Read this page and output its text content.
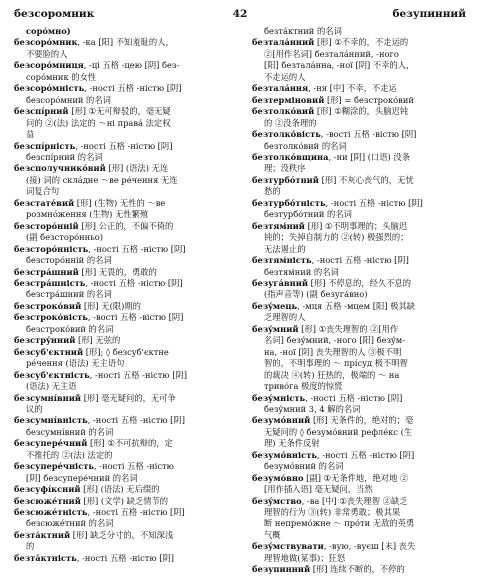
безсоромник	42	безупинний
сорóмно)
безсорóмник, -ка [阳] 不知羞耻的人，
不要脸的人
безсорóмниця, -ці 五格 -цею [阴] без-
сорóмник 的女性
безсорóмність, -ності 五格 -ністю [阴]
безсорóмний 的名词
безспíрний [形] ①无可辩驳的，毫无疑
问的 ②(法) 法定的 ～ні правá 法定权
益
безспíрність, -ності 五格 -ністю [阴]
безспíрний 的名词
безсполучникóвий [形] (语法) 无连
(接) 词的 склáдне ～ве рéчення 无连
词复合句
безстатéвий [形] (生物) 无性的 ～ве
розмнóження (生物) 无性繁殖
безсторóнній [形] 公正的，不偏不倚的
(副 безсторóнньо)
безсторóнність, -ності 五格 -ністю [阴]
безсторóнній 的名词
безстрáшний [形] 无畏的，勇敢的
безстрáшність, -ності 五格 -ністю [阴]
безстрáшний 的名词
безстрокóвий [形] 无(限)期的
безстрокóвість, -вості 五格 -вістю [阴]
безстрокóвий 的名词
безстрýнний [形] 无弦的
безсуб'єктний [形]; ◊ безсуб'єктне
рéчення (语法) 无主语句
безсуб'єктність, -ності 五格 -ністю [阴]
(语法) 无主语
безсумнíвний [形] 毫无疑问的，无可争
议的
безсумнíвність, -ності 五格 -ністю [阴]
безсумнíвний 的名词
безсуперéчний [形] ①不可抗辩的，定
不推托的 ②(法) 法定的
безсуперéчність, -ності 五格 -ністю
[阴] безсуперéчний 的名词
безсуфíксний [形] (语法) 无后缀的
безсюжéтний [形] (文学) 缺乏情节的
безсюжéтність, -ності 五格 -ністю [阴]
безсюжéтний 的名词
безтáктний [形] 缺乏分寸的，不知深浅
的
безтáктність, -ності 五格 -ністю [阴]
безтáктний 的名词
безталáнний [形] ①不幸的，不走运的
②[用作名词] безталáнний, -ного
[阳] безталáнна, -ної [阴] 不幸的人，
不走运的人
безталáння, -ня [中] 不幸，不走运
безтерміновий [形] = безстрокóвий
безтолкóвий [形] ①糊涂的，头脑迟钝
的 ②没条理的
безтолкóвість, -вості 五格 -вістю [阴]
безтолкóвий 的名词
безтолкóвщина, -ни [阴] (口语) 没条
理；没秩序
безтурбóтний [形] 不灰心丧气的，无忧
愁的
безтурбóтність, -ності 五格 -ністю [阴]
безтурбóтний 的名词
безтям́ний [形] ①不明事理的；头脑迟
钝的；失掉自制力的 ②(转) 极强烈的；
无法遏止的
безтям́ність, -ності 五格 -ністю [阴]
безтям́ний 的名词
безугáвний [形] 不停息的，经久不息的
(指声音等) (副 безугáвно)
безýмець, -мця 五格 -мцем [阳] 极其缺
乏理智的人
безýмний [形] ①丧失理智的 ②[用作
名词] безýмний, -ного [阳] безýм-
на, -ної [阴] 丧失理智的人 ③极不明
智的，不明事理的 ～ прíсуд 极不明智
的裁决 ④(转) 狂热的，极端的 ～ на
тривóга 极度的惊慌
безýмність, -ності 五格 -ністю [阴]
безýмний 3, 4 解的名词
безумóвний [形] 无条件的，绝对的；毫
无疑问的 ◊ безумóвний рефлéкс (生
理) 无条件反射
безумóвність, -ності 五格 -ністю [阴]
безумóвний 的名词
безумóвно [副] ①无条件地，绝对地 ②
[用作插入语] 毫无疑问，当然
безýмство, -ва [中] ①丧失理智 ②缺乏
理智的行为 ③(转) 非常勇敢；极其果
断 непремóжне ～ прóти 无敌的英勇
气概
безýмствувати, -вую, -вуєш [未] 丧失
理智地做(某事)；狂怒
безупинний [形] 连续不断的，不停的
